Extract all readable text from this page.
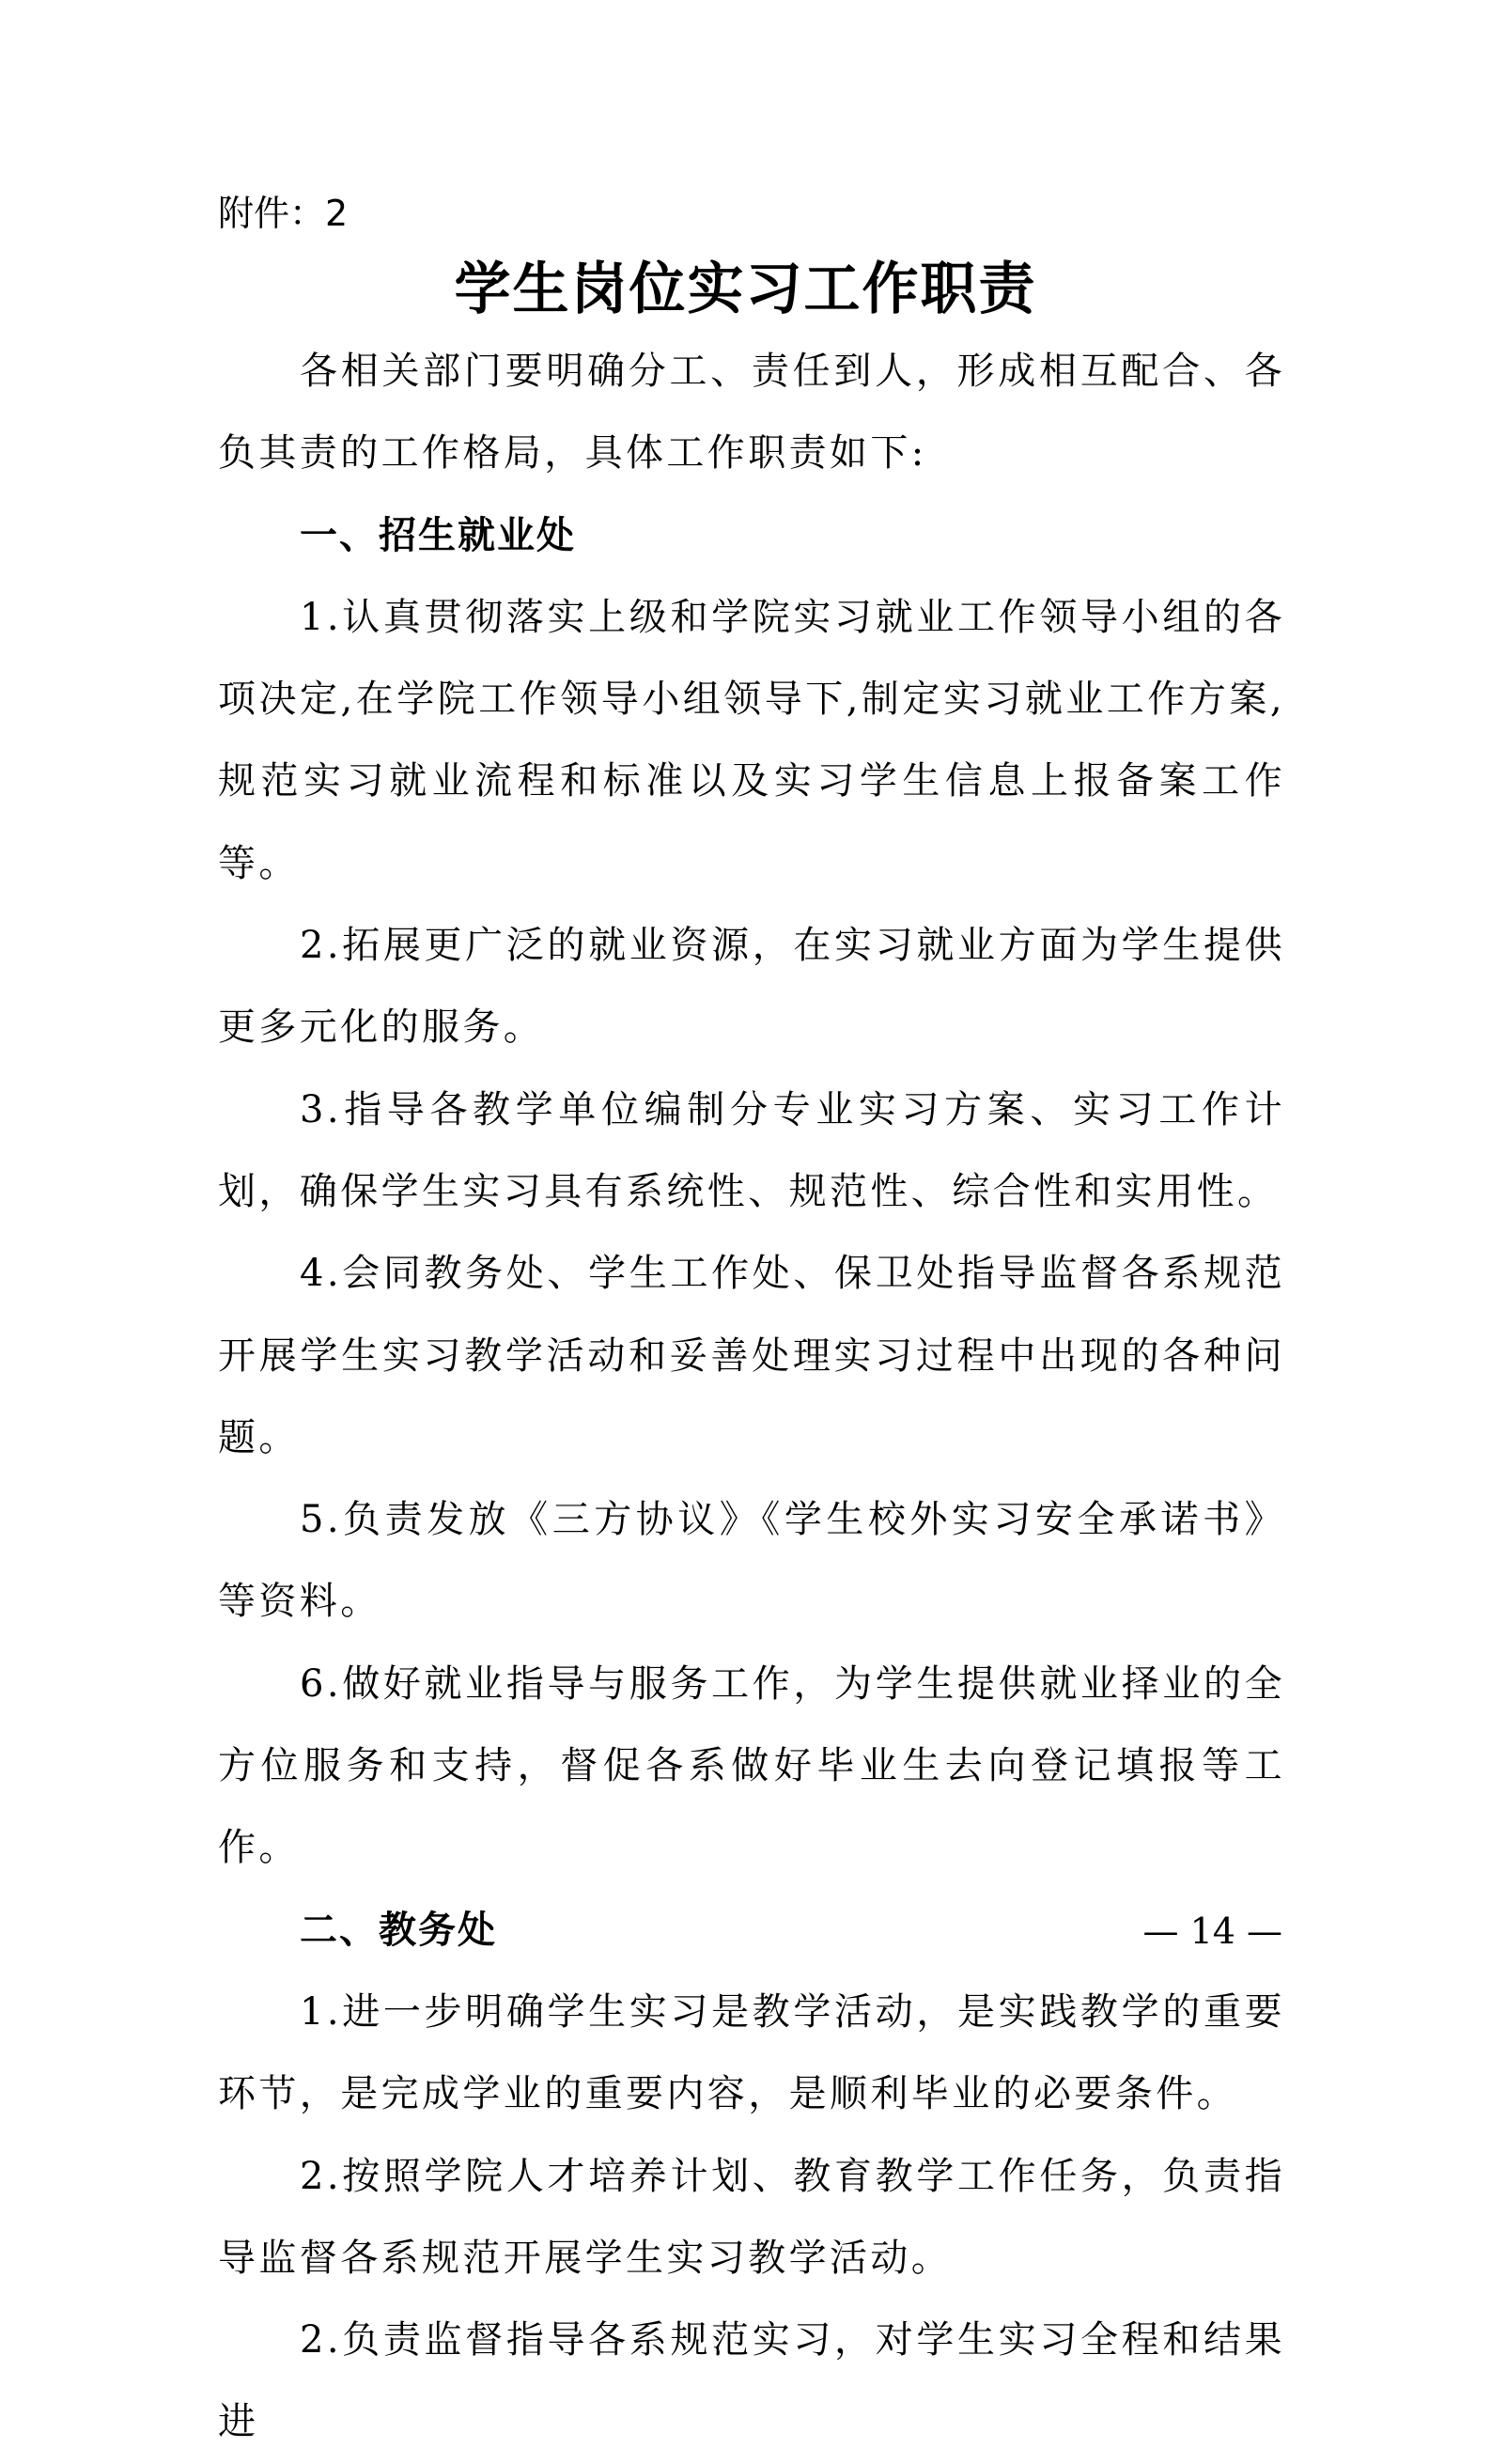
附件：2
学生岗位实习工作职责

各相关部门要明确分工、责任到人，形成相互配合、各负其责的工作格局，具体工作职责如下:

一、招生就业处

1.认真贯彻落实上级和学院实习就业工作领导小组的各项决定,在学院工作领导小组领导下,制定实习就业工作方案,规范实习就业流程和标准以及实习学生信息上报备案工作等。

2.拓展更广泛的就业资源，在实习就业方面为学生提供更多元化的服务。

3.指导各教学单位编制分专业实习方案、实习工作计划，确保学生实习具有系统性、规范性、综合性和实用性。

4.会同教务处、学生工作处、保卫处指导监督各系规范开展学生实习教学活动和妥善处理实习过程中出现的各种问题。

5.负责发放《三方协议》《学生校外实习安全承诺书》等资料。

6.做好就业指导与服务工作，为学生提供就业择业的全方位服务和支持，督促各系做好毕业生去向登记填报等工作。

二、教务处

1.进一步明确学生实习是教学活动，是实践教学的重要环节，是完成学业的重要内容，是顺利毕业的必要条件。

2.按照学院人才培养计划、教育教学工作任务，负责指导监督各系规范开展学生实习教学活动。

2.负责监督指导各系规范实习，对学生实习全程和结果进

— 14 —
